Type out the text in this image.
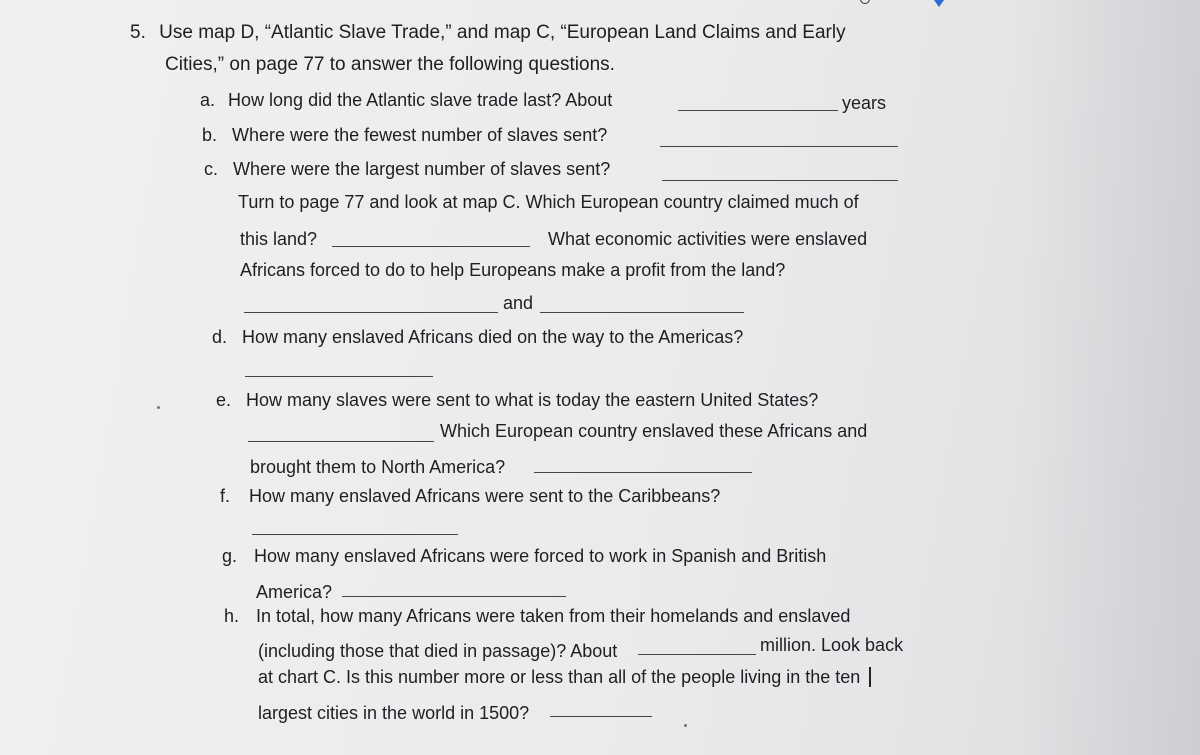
5. Use map D, “Atlantic Slave Trade,” and map C, “European Land Claims and Early
Cities,” on page 77 to answer the following questions.
a. How long did the Atlantic slave trade last? About	years
b. Where were the fewest number of slaves sent?
c. Where were the largest number of slaves sent?
Turn to page 77 and look at map C. Which European country claimed much of
this land?	What economic activities were enslaved
Africans forced to do to help Europeans make a profit from the land?
and
d. How many enslaved Africans died on the way to the Americas?
e. How many slaves were sent to what is today the eastern United States?
Which European country enslaved these Africans and
brought them to North America?
f. How many enslaved Africans were sent to the Caribbeans?
g. How many enslaved Africans were forced to work in Spanish and British
America?
h. In total, how many Africans were taken from their homelands and enslaved
(including those that died in passage)? About	million. Look back
at chart C. Is this number more or less than all of the people living in the ten
largest cities in the world in 1500?
